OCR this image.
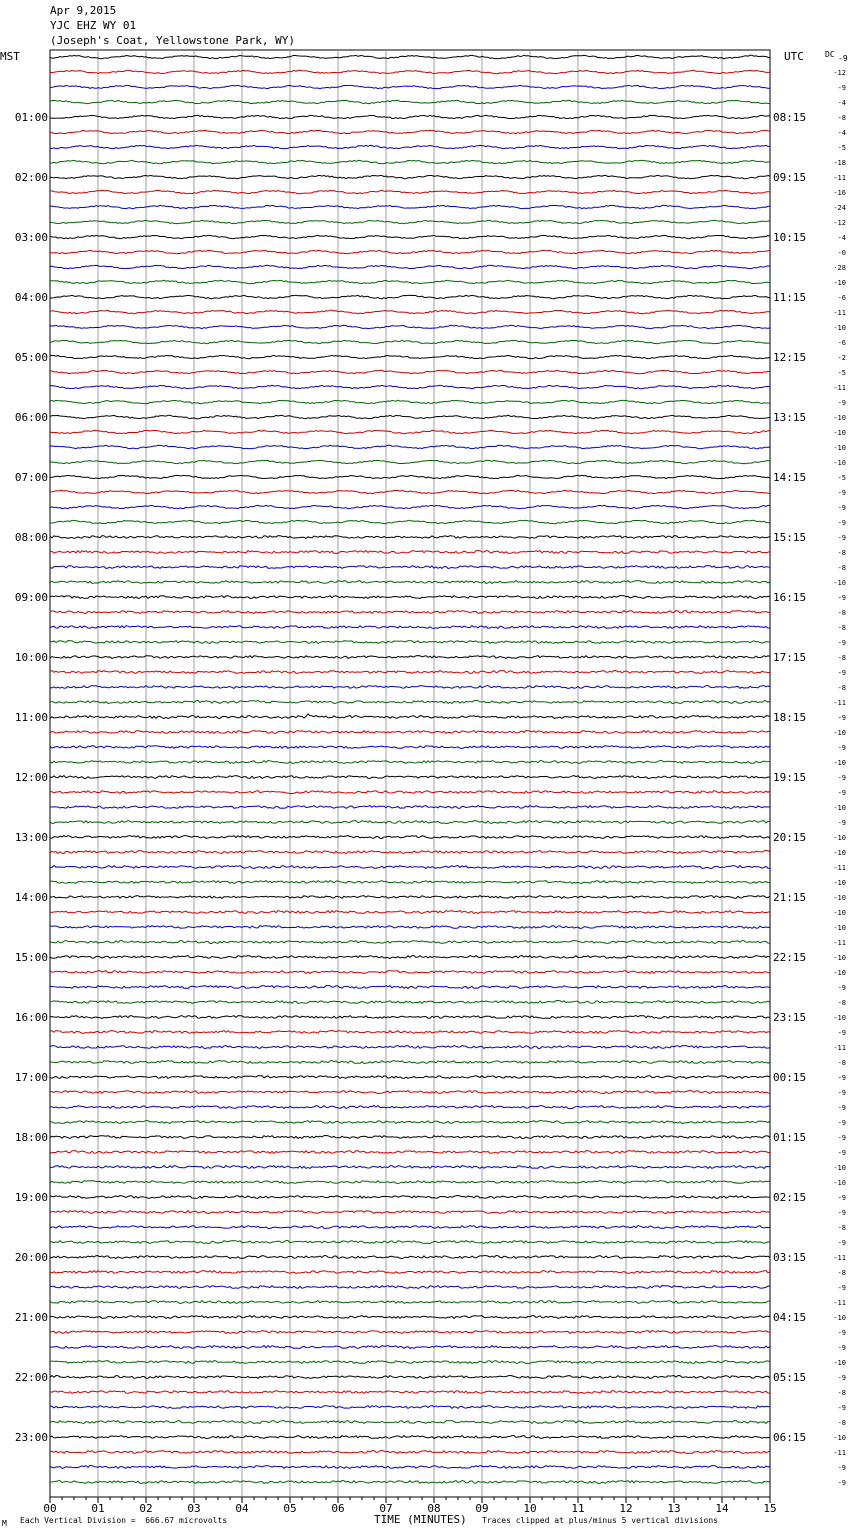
Apr 9,2015
YJC EHZ WY 01
(Joseph's Coat, Yellowstone Park, WY)
MST	UTC	DC -9
00	01	02	03	04	05	06	07	08	09	10	11	12	13	14	15
01:00
02:00
03:00
04:00
05:00
06:00
07:00
08:00
09:00
10:00
11:00
12:00
13:00
14:00
15:00
16:00
17:00
18:00
19:00
20:00
21:00
22:00
23:00
08:15
09:15
10:15
11:15
12:15
13:15
14:15
15:15
16:15
17:15
18:15
19:15
20:15
21:15
22:15
23:15
00:15
01:15
02:15
03:15
04:15
05:15
06:15
-12
-9
-4
-8
-4
-5
-18
-11
-16
-24
-12
-4
-0
-28
-10
-6
-11
-10
-6
-2
-5
-11
-9
-10
-10
-10
-10
-5
-9
-9
-9
-9
-8
-8
-10
-9
-8
-8
-9
-8
-9
-8
-11
-9
-10
-9
-10
-9
-9
-10
-9
-10
-10
-11
-10
-10
-10
-10
-11
-10
-10
-9
-8
-10
-9
-11
-8
-9
-9
-9
-9
-9
-9
-10
-10
-9
-9
-8
-9
-11
-8
-9
-11
-10
-9
-9
-10
-9
-8
-9
-8
-10
-11
-9
-9
M Each Vertical Division =  666.67 microvolts	TIME (MINUTES) Traces clipped at plus/minus 5 vertical divisions
